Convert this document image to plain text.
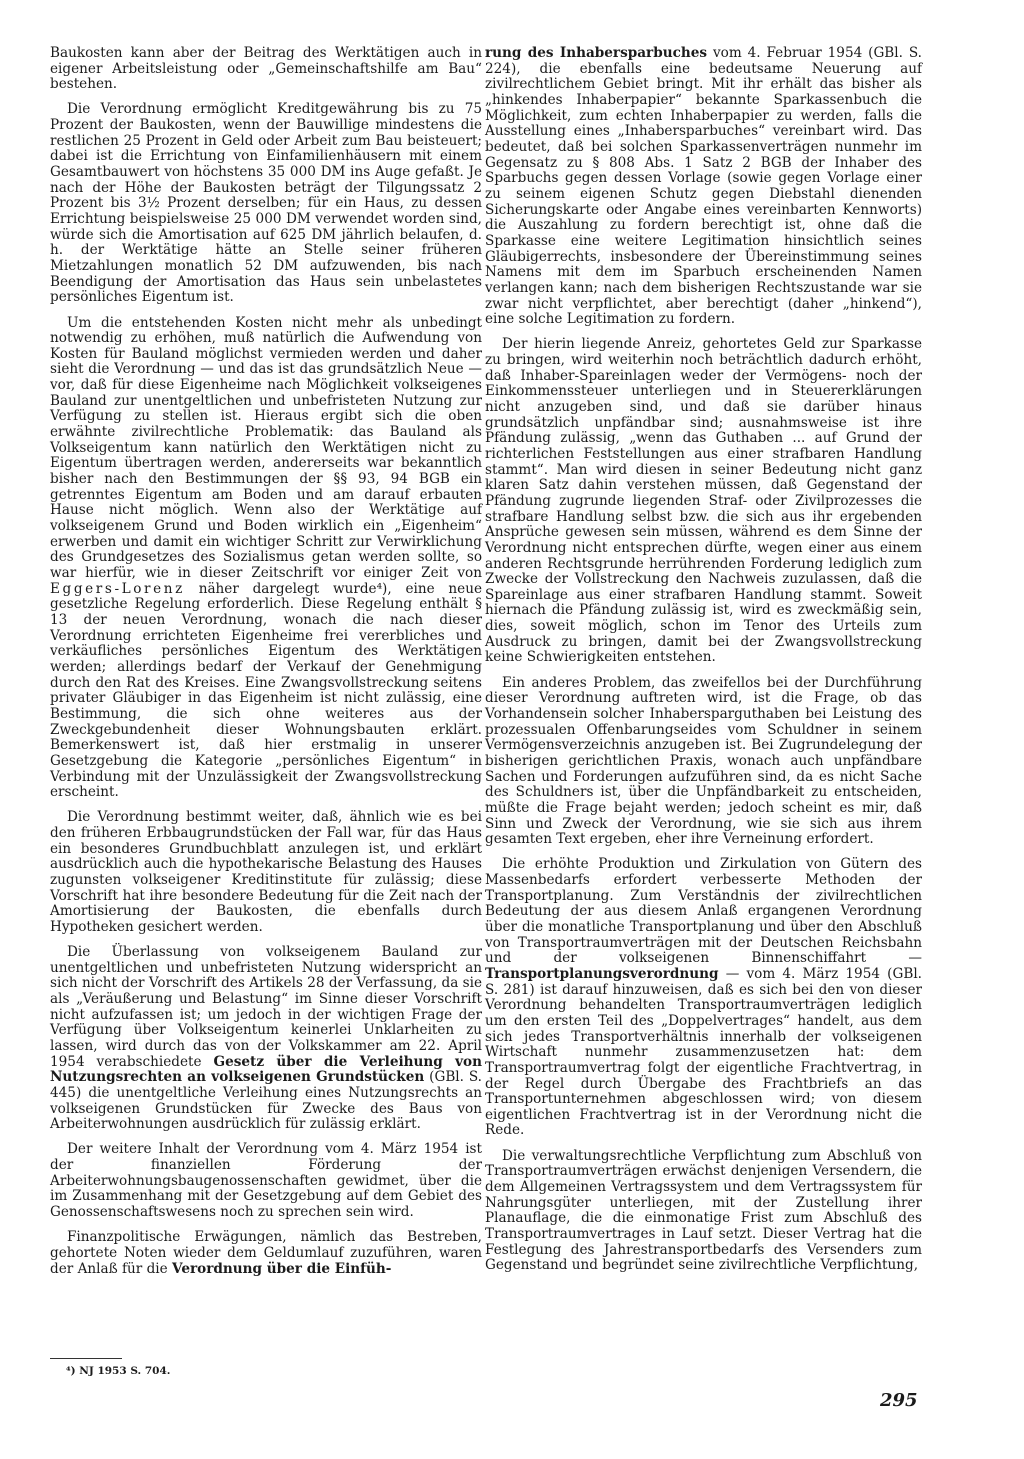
Baukosten kann aber der Beitrag des Werktätigen auch in eigener Arbeitsleistung oder „Gemeinschaftshilfe am Bau“ bestehen.

Die Verordnung ermöglicht Kreditgewährung bis zu 75 Prozent der Baukosten, wenn der Bauwillige mindestens die restlichen 25 Prozent in Geld oder Arbeit zum Bau beisteuert; dabei ist die Errichtung von Einfamilienhäusern mit einem Gesamtbauwert von höchstens 35 000 DM ins Auge gefaßt. Je nach der Höhe der Baukosten beträgt der Tilgungssatz 2 Prozent bis 3½ Prozent derselben; für ein Haus, zu dessen Errichtung beispielsweise 25 000 DM verwendet worden sind, würde sich die Amortisation auf 625 DM jährlich belaufen, d. h. der Werktätige hätte an Stelle seiner früheren Mietzahlungen monatlich 52 DM aufzuwenden, bis nach Beendigung der Amortisation das Haus sein unbelastetes persönliches Eigentum ist.

Um die entstehenden Kosten nicht mehr als unbedingt notwendig zu erhöhen, muß natürlich die Aufwendung von Kosten für Bauland möglichst vermieden werden und daher sieht die Verordnung — und das ist das grundsätzlich Neue — vor, daß für diese Eigenheime nach Möglichkeit volkseigenes Bauland zur unentgeltlichen und unbefristeten Nutzung zur Verfügung zu stellen ist. Hieraus ergibt sich die oben erwähnte zivilrechtliche Problematik: das Bauland als Volkseigentum kann natürlich den Werktätigen nicht zu Eigentum übertragen werden, andererseits war bekanntlich bisher nach den Bestimmungen der §§ 93, 94 BGB ein getrenntes Eigentum am Boden und am darauf erbauten Hause nicht möglich. Wenn also der Werktätige auf volkseigenem Grund und Boden wirklich ein „Eigenheim“ erwerben und damit ein wichtiger Schritt zur Verwirklichung des Grundgesetzes des Sozialismus getan werden sollte, so war hierfür, wie in dieser Zeitschrift vor einiger Zeit von Eggers-Lorenz näher dargelegt wurde⁴), eine neue gesetzliche Regelung erforderlich. Diese Regelung enthält § 13 der neuen Verordnung, wonach die nach dieser Verordnung errichteten Eigenheime frei vererbliches und verkäufliches persönliches Eigentum des Werktätigen werden; allerdings bedarf der Verkauf der Genehmigung durch den Rat des Kreises. Eine Zwangsvollstreckung seitens privater Gläubiger in das Eigenheim ist nicht zulässig, eine Bestimmung, die sich ohne weiteres aus der Zweckgebundenheit dieser Wohnungsbauten erklärt. Bemerkenswert ist, daß hier erstmalig in unserer Gesetzgebung die Kategorie „persönliches Eigentum“ in Verbindung mit der Unzulässigkeit der Zwangsvollstreckung erscheint.

Die Verordnung bestimmt weiter, daß, ähnlich wie es bei den früheren Erbbaugrundstücken der Fall war, für das Haus ein besonderes Grundbuchblatt anzulegen ist, und erklärt ausdrücklich auch die hypothekarische Belastung des Hauses zugunsten volkseigener Kreditinstitute für zulässig; diese Vorschrift hat ihre besondere Bedeutung für die Zeit nach der Amortisierung der Baukosten, die ebenfalls durch Hypotheken gesichert werden.

Die Überlassung von volkseigenem Bauland zur unentgeltlichen und unbefristeten Nutzung widerspricht an sich nicht der Vorschrift des Artikels 28 der Verfassung, da sie als „Veräußerung und Belastung“ im Sinne dieser Vorschrift nicht aufzufassen ist; um jedoch in der wichtigen Frage der Verfügung über Volkseigentum keinerlei Unklarheiten zu lassen, wird durch das von der Volkskammer am 22. April 1954 verabschiedete Gesetz über die Verleihung von Nutzungsrechten an volkseigenen Grundstücken (GBl. S. 445) die unentgeltliche Verleihung eines Nutzungsrechts an volkseigenen Grundstücken für Zwecke des Baus von Arbeiterwohnungen ausdrücklich für zulässig erklärt.

Der weitere Inhalt der Verordnung vom 4. März 1954 ist der finanziellen Förderung der Arbeiterwohnungsbaugenossenschaften gewidmet, über die im Zusammenhang mit der Gesetzgebung auf dem Gebiet des Genossenschaftswesens noch zu sprechen sein wird.

Finanzpolitische Erwägungen, nämlich das Bestreben, gehortete Noten wieder dem Geldumlauf zuzuführen, waren der Anlaß für die Verordnung über die Einfüh-

rung des Inhabersparbuches vom 4. Februar 1954 (GBl. S. 224), die ebenfalls eine bedeutsame Neuerung auf zivilrechtlichem Gebiet bringt. Mit ihr erhält das bisher als „hinkendes Inhaberpapier“ bekannte Sparkassenbuch die Möglichkeit, zum echten Inhaberpapier zu werden, falls die Ausstellung eines „Inhabersparbuches“ vereinbart wird. Das bedeutet, daß bei solchen Sparkassenverträgen nunmehr im Gegensatz zu § 808 Abs. 1 Satz 2 BGB der Inhaber des Sparbuchs gegen dessen Vorlage (sowie gegen Vorlage einer zu seinem eigenen Schutz gegen Diebstahl dienenden Sicherungskarte oder Angabe eines vereinbarten Kennworts) die Auszahlung zu fordern berechtigt ist, ohne daß die Sparkasse eine weitere Legitimation hinsichtlich seines Gläubigerrechts, insbesondere der Übereinstimmung seines Namens mit dem im Sparbuch erscheinenden Namen verlangen kann; nach dem bisherigen Rechtszustande war sie zwar nicht verpflichtet, aber berechtigt (daher „hinkend“), eine solche Legitimation zu fordern.

Der hierin liegende Anreiz, gehortetes Geld zur Sparkasse zu bringen, wird weiterhin noch beträchtlich dadurch erhöht, daß Inhaber-Spareinlagen weder der Vermögens- noch der Einkommenssteuer unterliegen und in Steuererklärungen nicht anzugeben sind, und daß sie darüber hinaus grundsätzlich unpfändbar sind; ausnahmsweise ist ihre Pfändung zulässig, „wenn das Guthaben ... auf Grund der richterlichen Feststellungen aus einer strafbaren Handlung stammt“. Man wird diesen in seiner Bedeutung nicht ganz klaren Satz dahin verstehen müssen, daß Gegenstand der Pfändung zugrunde liegenden Straf- oder Zivilprozesses die strafbare Handlung selbst bzw. die sich aus ihr ergebenden Ansprüche gewesen sein müssen, während es dem Sinne der Verordnung nicht entsprechen dürfte, wegen einer aus einem anderen Rechtsgrunde herrührenden Forderung lediglich zum Zwecke der Vollstreckung den Nachweis zuzulassen, daß die Spareinlage aus einer strafbaren Handlung stammt. Soweit hiernach die Pfändung zulässig ist, wird es zweckmäßig sein, dies, soweit möglich, schon im Tenor des Urteils zum Ausdruck zu bringen, damit bei der Zwangsvollstreckung keine Schwierigkeiten entstehen.

Ein anderes Problem, das zweifellos bei der Durchführung dieser Verordnung auftreten wird, ist die Frage, ob das Vorhandensein solcher Inhabersparguthaben bei Leistung des prozessualen Offenbarungseides vom Schuldner in seinem Vermögensverzeichnis anzugeben ist. Bei Zugrundelegung der bisherigen gerichtlichen Praxis, wonach auch unpfändbare Sachen und Forderungen aufzuführen sind, da es nicht Sache des Schuldners ist, über die Unpfändbarkeit zu entscheiden, müßte die Frage bejaht werden; jedoch scheint es mir, daß Sinn und Zweck der Verordnung, wie sie sich aus ihrem gesamten Text ergeben, eher ihre Verneinung erfordert.

Die erhöhte Produktion und Zirkulation von Gütern des Massenbedarfs erfordert verbesserte Methoden der Transportplanung. Zum Verständnis der zivilrechtlichen Bedeutung der aus diesem Anlaß ergangenen Verordnung über die monatliche Transportplanung und über den Abschluß von Transportraumverträgen mit der Deutschen Reichsbahn und der volkseigenen Binnenschiffahrt — Transportplanungsverordnung — vom 4. März 1954 (GBl. S. 281) ist darauf hinzuweisen, daß es sich bei den von dieser Verordnung behandelten Transportraumverträgen lediglich um den ersten Teil des „Doppelvertrages“ handelt, aus dem sich jedes Transportverhältnis innerhalb der volkseigenen Wirtschaft nunmehr zusammenzusetzen hat: dem Transportraumvertrag folgt der eigentliche Frachtvertrag, in der Regel durch Übergabe des Frachtbriefs an das Transportunternehmen abgeschlossen wird; von diesem eigentlichen Frachtvertrag ist in der Verordnung nicht die Rede.

Die verwaltungsrechtliche Verpflichtung zum Abschluß von Transportraumverträgen erwächst denjenigen Versendern, die dem Allgemeinen Vertragssystem und dem Vertragssystem für Nahrungsgüter unterliegen, mit der Zustellung ihrer Planauflage, die die einmonatige Frist zum Abschluß des Transportraumvertrages in Lauf setzt. Dieser Vertrag hat die Festlegung des Jahrestransportbedarfs des Versenders zum Gegenstand und begründet seine zivilrechtliche Verpflichtung,

⁴) NJ 1953 S. 704.
295
